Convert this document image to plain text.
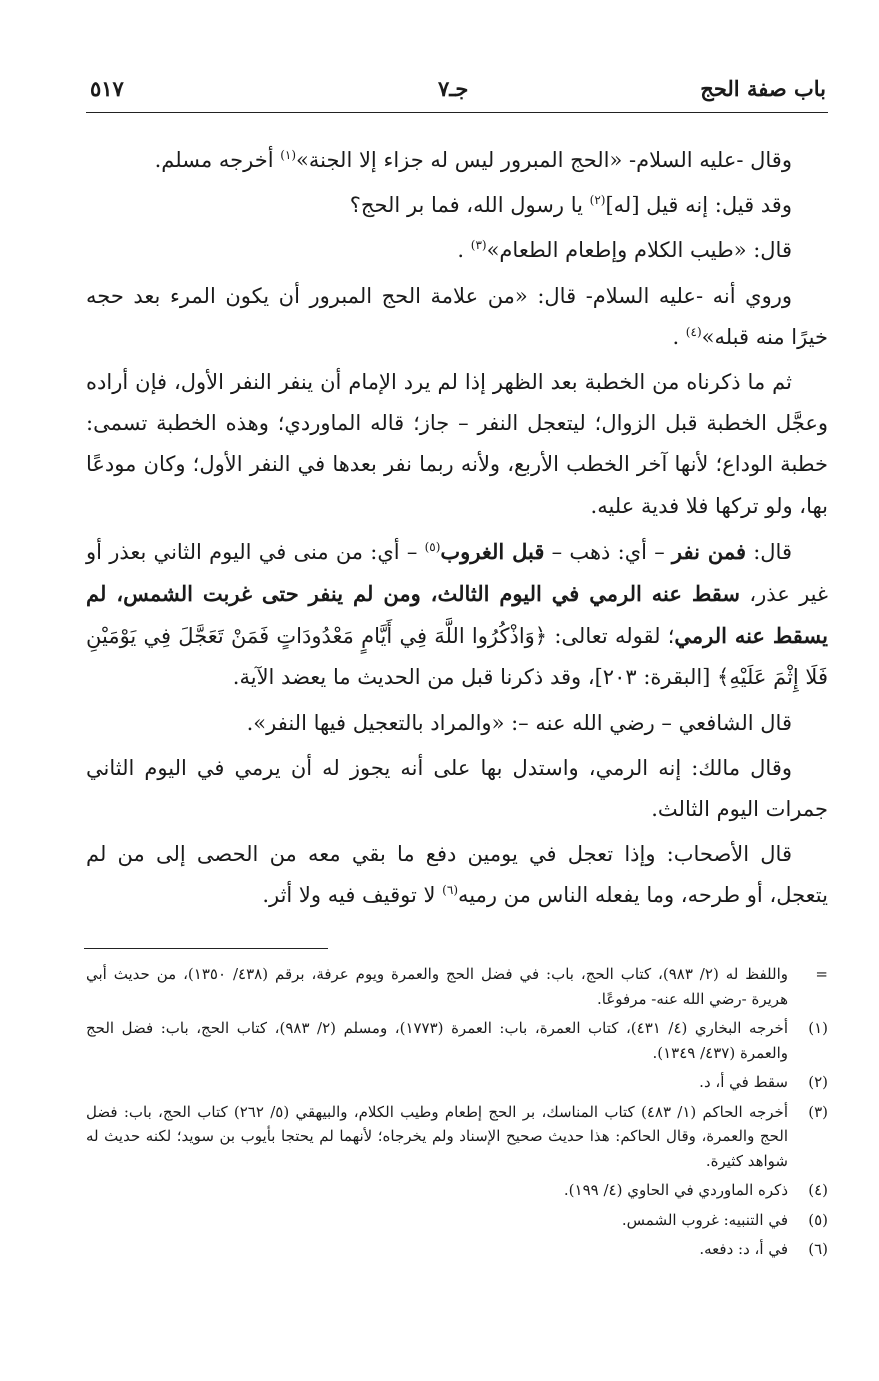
باب صفة الحج
جـ٧
٥١٧

وقال -عليه السلام- «الحج المبرور ليس له جزاء إلا الجنة»$^{(١)}$ أخرجه مسلم.

وقد قيل: إنه قيل [له]$^{(٢)}$ يا رسول الله، فما بر الحج؟

قال: «طيب الكلام وإطعام الطعام»$^{(٣)}$ .

وروي أنه -عليه السلام- قال: «من علامة الحج المبرور أن يكون المرء بعد حجه خيرًا منه قبله»$^{(٤)}$ .

ثم ما ذكرناه من الخطبة بعد الظهر إذا لم يرد الإمام أن ينفر النفر الأول، فإن أراده وعجَّل الخطبة قبل الزوال؛ ليتعجل النفر – جاز؛ قاله الماوردي؛ وهذه الخطبة تسمى: خطبة الوداع؛ لأنها آخر الخطب الأربع، ولأنه ربما نفر بعدها في النفر الأول؛ وكان مودعًا بها، ولو تركها فلا فدية عليه.

قال: فمن نفر – أي: ذهب – قبل الغروب$^{(٥)}$ – أي: من منى في اليوم الثاني بعذر أو غير عذر، سقط عنه الرمي في اليوم الثالث، ومن لم ينفر حتى غربت الشمس، لم يسقط عنه الرمي؛ لقوله تعالى: ﴿وَاذْكُرُوا اللَّهَ فِي أَيَّامٍ مَعْدُودَاتٍ فَمَنْ تَعَجَّلَ فِي يَوْمَيْنِ فَلَا إِثْمَ عَلَيْهِ﴾ [البقرة: ٢٠٣]، وقد ذكرنا قبل من الحديث ما يعضد الآية.

قال الشافعي – رضي الله عنه –: «والمراد بالتعجيل فيها النفر».

وقال مالك: إنه الرمي، واستدل بها على أنه يجوز له أن يرمي في اليوم الثاني جمرات اليوم الثالث.

قال الأصحاب: وإذا تعجل في يومين دفع ما بقي معه من الحصى إلى من لم يتعجل، أو طرحه، وما يفعله الناس من رميه$^{(٦)}$ لا توقيف فيه ولا أثر.

=
واللفظ له (٢/ ٩٨٣)، كتاب الحج، باب: في فضل الحج والعمرة ويوم عرفة، برقم (٤٣٨/ ١٣٥٠)، من حديث أبي هريرة -رضي الله عنه- مرفوعًا.
(١)
أخرجه البخاري (٤/ ٤٣١)، كتاب العمرة، باب: العمرة (١٧٧٣)، ومسلم (٢/ ٩٨٣)، كتاب الحج، باب: فضل الحج والعمرة (٤٣٧/ ١٣٤٩).
(٢)
سقط في أ، د.
(٣)
أخرجه الحاكم (١/ ٤٨٣) كتاب المناسك، بر الحج إطعام وطيب الكلام، والبيهقي (٥/ ٢٦٢) كتاب الحج، باب: فضل الحج والعمرة، وقال الحاكم: هذا حديث صحيح الإسناد ولم يخرجاه؛ لأنهما لم يحتجا بأيوب بن سويد؛ لكنه حديث له شواهد كثيرة.
(٤)
ذكره الماوردي في الحاوي (٤/ ١٩٩).
(٥)
في التنبيه: غروب الشمس.
(٦)
في أ، د: دفعه.
